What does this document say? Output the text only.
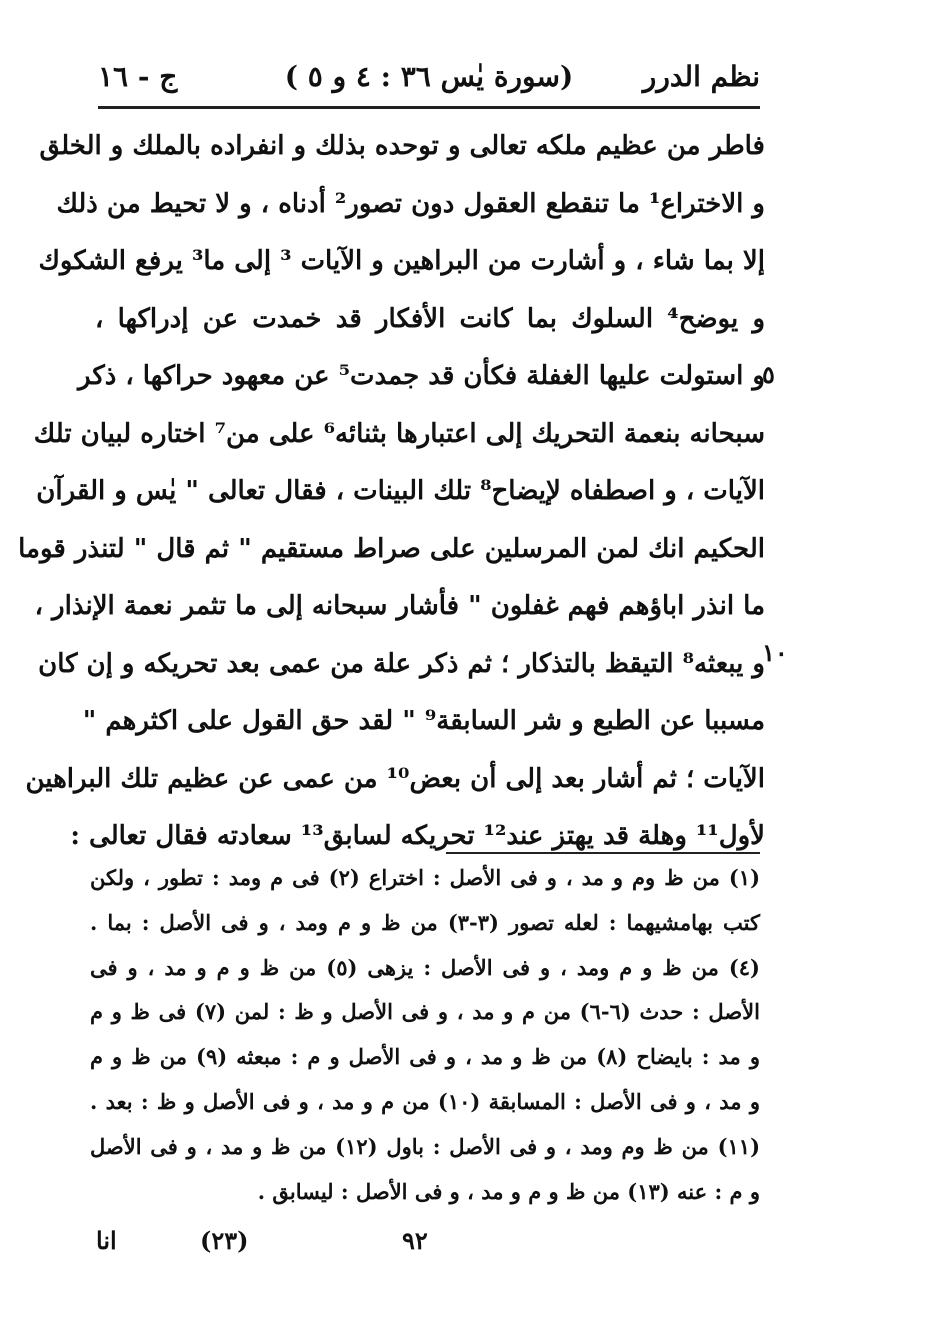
نظم الدرر
( سورة يٰس ٣٦ : ٤ و ٥)
ج - ١٦
فاطر من عظيم ملكه تعالى و توحده بذلك و انفراده بالملك و الخلق
و الاختراع¹ ما تنقطع العقول دون تصور² أدناه ، و لا تحيط من ذلك
إلا بما شاء ، و أشارت من البراهين و الآيات ³ إلى ما³ يرفع الشكوك
و يوضح⁴ السلوك بما كانت الأفكار قد خمدت عن إدراكها ،
و استولت عليها الغفلة فكأن قد جمدت⁵ عن معهود حراكها ، ذكر
سبحانه بنعمة التحريك إلى اعتبارها بثنائه⁶ على من⁷ اختاره لبيان تلك
الآيات ، و اصطفاه لإيضاح⁸ تلك البينات ، فقال تعالى " يٰس و القرآن
الحكيم انك لمن المرسلين على صراط مستقيم " ثم قال " لتنذر قوما
ما انذر اباؤهم فهم غفلون " فأشار سبحانه إلى ما تثمر نعمة الإنذار ،
و يبعثه⁸ التيقظ بالتذكار ؛ ثم ذكر علة من عمى بعد تحريكه و إن كان
مسببا عن الطبع و شر السابقة⁹ " لقد حق القول على اكثرهم "
الآيات ؛ ثم أشار بعد إلى أن بعض¹⁰ من عمى عن عظيم تلك البراهين
لأول¹¹ وهلة قد يهتز عند¹² تحريكه لسابق¹³ سعادته فقال تعالى :
٥
١٠
(١) من ظ وم و مد ، و فى الأصل : اختراع (٢) فى م ومد : تطور ، ولكن
كتب بهامشيهما : لعله تصور (٣-٣) من ظ و م ومد ، و فى الأصل : بما .
(٤) من ظ و م ومد ، و فى الأصل : يزهى (٥) من ظ و م و مد ، و فى
الأصل : حدث (٦-٦) من م و مد ، و فى الأصل و ظ : لمن (٧) فى ظ و م
و مد : بايضاح (٨) من ظ و مد ، و فى الأصل و م : مبعثه (٩) من ظ و م
و مد ، و فى الأصل : المسابقة (١٠) من م و مد ، و فى الأصل و ظ : بعد .
(١١) من ظ وم ومد ، و فى الأصل : باول (١٢) من ظ و مد ، و فى الأصل
و م : عنه (١٣) من ظ و م و مد ، و فى الأصل : ليسابق .
انا	(٢٣)	٩٢
